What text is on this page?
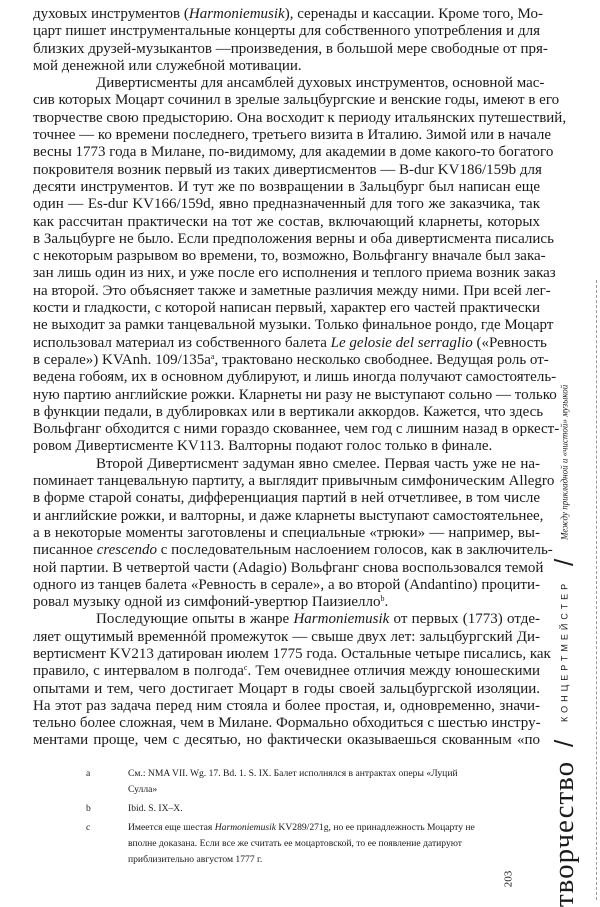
духовых инструментов (Harmoniemusik), серенады и кассации. Кроме того, Мо-
царт пишет инструментальные концерты для собственного употребления и для
близких друзей-музыкантов —произведения, в большой мере свободные от пря-
мой денежной или служебной мотивации.
Дивертисменты для ансамблей духовых инструментов, основной мас-
сив которых Моцарт сочинил в зрелые зальцбургские и венские годы, имеют в его
творчестве свою предысторию. Она восходит к периоду итальянских путешествий,
точнее — ко времени последнего, третьего визита в Италию. Зимой или в начале
весны 1773 года в Милане, по-видимому, для академии в доме какого-то богатого
покровителя возник первый из таких дивертисментов — B-dur KV186/159b для
десяти инструментов. И тут же по возвращении в Зальцбург был написан еще
один — Es-dur KV166/159d, явно предназначенный для того же заказчика, так
как рассчитан практически на тот же состав, включающий кларнеты, которых
в Зальцбурге не было. Если предположения верны и оба дивертисмента писались
с некоторым разрывом во времени, то, возможно, Вольфгангу вначале был зака-
зан лишь один из них, и уже после его исполнения и теплого приема возник заказ
на второй. Это объясняет также и заметные различия между ними. При всей лег-
кости и гладкости, с которой написан первый, характер его частей практически
не выходит за рамки танцевальной музыки. Только финальное рондо, где Моцарт
использовал материал из собственного балета Le gelosie del serraglio («Ревность
в серале») KVAnh. $109/135a^a$, трактовано несколько свободнее. Ведущая роль от-
ведена гобоям, их в основном дублируют, и лишь иногда получают самостоятель-
ную партию английские рожки. Кларнеты ни разу не выступают сольно — только
в функции педали, в дублировках или в вертикали аккордов. Кажется, что здесь
Вольфганг обходится с ними гораздо скованнее, чем год с лишним назад в оркест-
ровом Дивертисменте KV113. Валторны подают голос только в финале.
Второй Дивертисмент задуман явно смелее. Первая часть уже не на-
поминает танцевальную партиту, а выглядит привычным симфоническим Allegro
в форме старой сонаты, дифференциация партий в ней отчетливее, в том числе
и английские рожки, и валторны, и даже кларнеты выступают самостоятельнее,
а в некоторые моменты заготовлены и специальные «трюки» — например, вы-
писанное crescendo с последовательным наслоением голосов, как в заключитель-
ной партии. В четвертой части (Adagio) Вольфганг снова воспользовался темой
одного из танцев балета «Ревность в серале», а во второй (Andantino) процити-
ровал музыку одной из симфоний-увертюр Паизиелло$^b$.
Последующие опыты в жанре Harmoniemusik от первых (1773) отде-
ляет ощутимый временнóй промежуток — свыше двух лет: зальцбургский Ди-
вертисмент KV213 датирован июлем 1775 года. Остальные четыре писались, как
правило, с интервалом в полгода$^c$. Тем очевиднее отличия между юношескими
опытами и тем, чего достигает Моцарт в годы своей зальцбургской изоляции.
На этот раз задача перед ним стояла и более простая, и, одновременно, значи-
тельно более сложная, чем в Милане. Формально обходиться с шестью инстру-
ментами проще, чем с десятью, но фактически оказываешься скованным «по
a	См.: NMA VII. Wg. 17. Bd. 1. S. IX. Балет исполнялся в антрактах оперы «Луций Сулла»
b	Ibid. S. IX–X.
c	Имеется еще шестая Harmoniemusik KV289/271g, но ее принадлежность Моцарту не вполне доказана. Если все же считать ее моцартовской, то ее появление датируют приблизительно августом 1777 г.
203 творчество
/
КОНЦЕРТМЕЙСТЕР
/
Между прикладной и «чистой» музыкой
